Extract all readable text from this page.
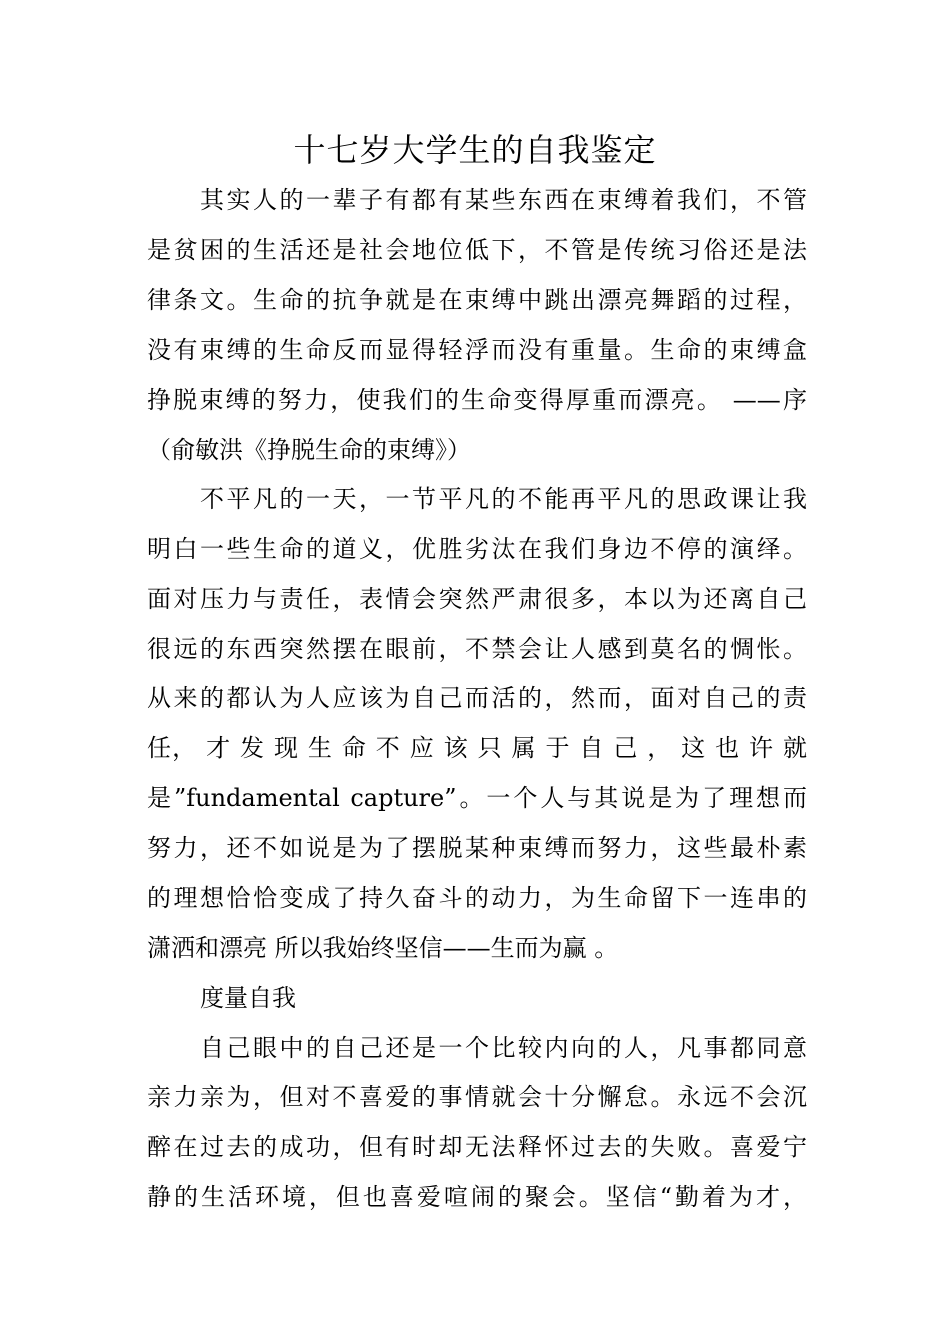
十七岁大学生的自我鉴定

其实人的一辈子有都有某些东西在束缚着我们，不管

是贫困的生活还是社会地位低下，不管是传统习俗还是法

律条文。生命的抗争就是在束缚中跳出漂亮舞蹈的过程，

没有束缚的生命反而显得轻浮而没有重量。生命的束缚盒

挣脱束缚的努力，使我们的生命变得厚重而漂亮。 ——序

（俞敏洪《挣脱生命的束缚》）

不平凡的一天，一节平凡的不能再平凡的思政课让我

明白一些生命的道义，优胜劣汰在我们身边不停的演绎。

面对压力与责任，表情会突然严肃很多，本以为还离自己

很远的东西突然摆在眼前，不禁会让人感到莫名的惆怅。

从来的都认为人应该为自己而活的，然而，面对自己的责

任， 才 发 现 生 命 不 应 该 只 属 于 自 己 ， 这 也 许 就

是”fundamental capture”。一个人与其说是为了理想而

努力，还不如说是为了摆脱某种束缚而努力，这些最朴素

的理想恰恰变成了持久奋斗的动力，为生命留下一连串的

潇洒和漂亮 所以我始终坚信——生而为赢 。

度量自我

自己眼中的自己还是一个比较内向的人，凡事都同意

亲力亲为，但对不喜爱的事情就会十分懈怠。永远不会沉

醉在过去的成功，但有时却无法释怀过去的失败。喜爱宁

静的生活环境，但也喜爱喧闹的聚会。坚信“勤着为才，
